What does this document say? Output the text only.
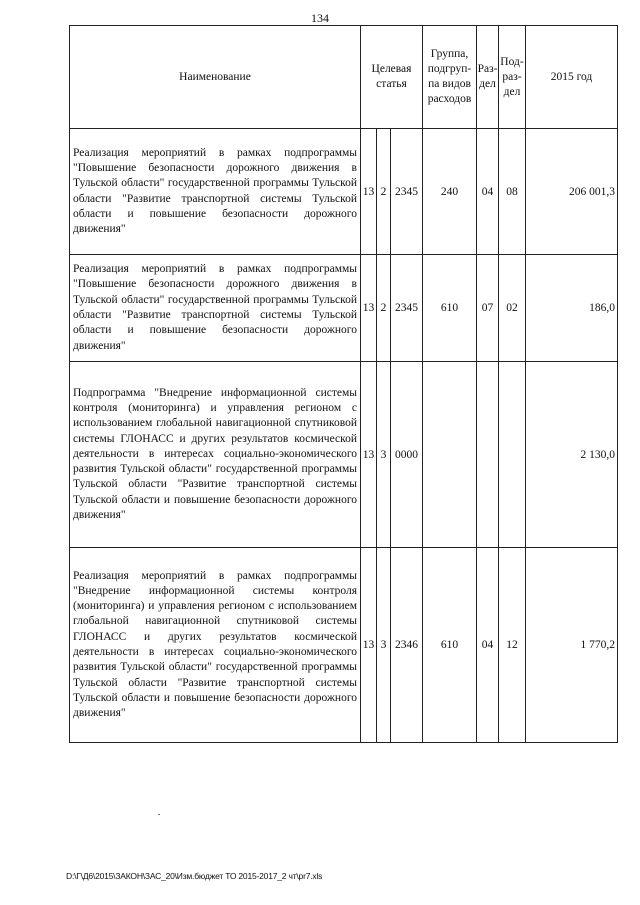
134
Наименование	Целевая статья			Группа, подгруп-па видов расходов	Раз-дел	Под-раз-дел	2015 год
Реализация мероприятий в рамках подпрограммы "Повышение безопасности дорожного движения в Тульской области" государственной программы Тульской области "Развитие транспортной системы Тульской области и повышение безопасности дорожного движения"	13	2	2345	240	04	08	206 001,3
Реализация мероприятий в рамках подпрограммы "Повышение безопасности дорожного движения в Тульской области" государственной программы Тульской области "Развитие транспортной системы Тульской области и повышение безопасности дорожного движения"	13	2	2345	610	07	02	186,0
Подпрограмма "Внедрение информационной системы контроля (мониторинга) и управления регионом с использованием глобальной навигационной спутниковой системы ГЛОНАСС и других результатов космической деятельности в интересах социально-экономического развития Тульской области" государственной программы Тульской области "Развитие транспортной системы Тульской области и повышение безопасности дорожного движения"	13	3	0000				2 130,0
Реализация мероприятий в рамках подпрограммы "Внедрение информационной системы контроля (мониторинга) и управления регионом с использованием глобальной навигационной спутниковой системы ГЛОНАСС и других результатов космической деятельности в интересах социально-экономического развития Тульской области" государственной программы Тульской области "Развитие транспортной системы Тульской области и повышение безопасности дорожного движения"	13	3	2346	610	04	12	1 770,2
D:\Г\Д6\2015\ЗАКОН\ЗАС_20\Изм.бюджет ТО 2015-2017_2 чт\pr7.xls
